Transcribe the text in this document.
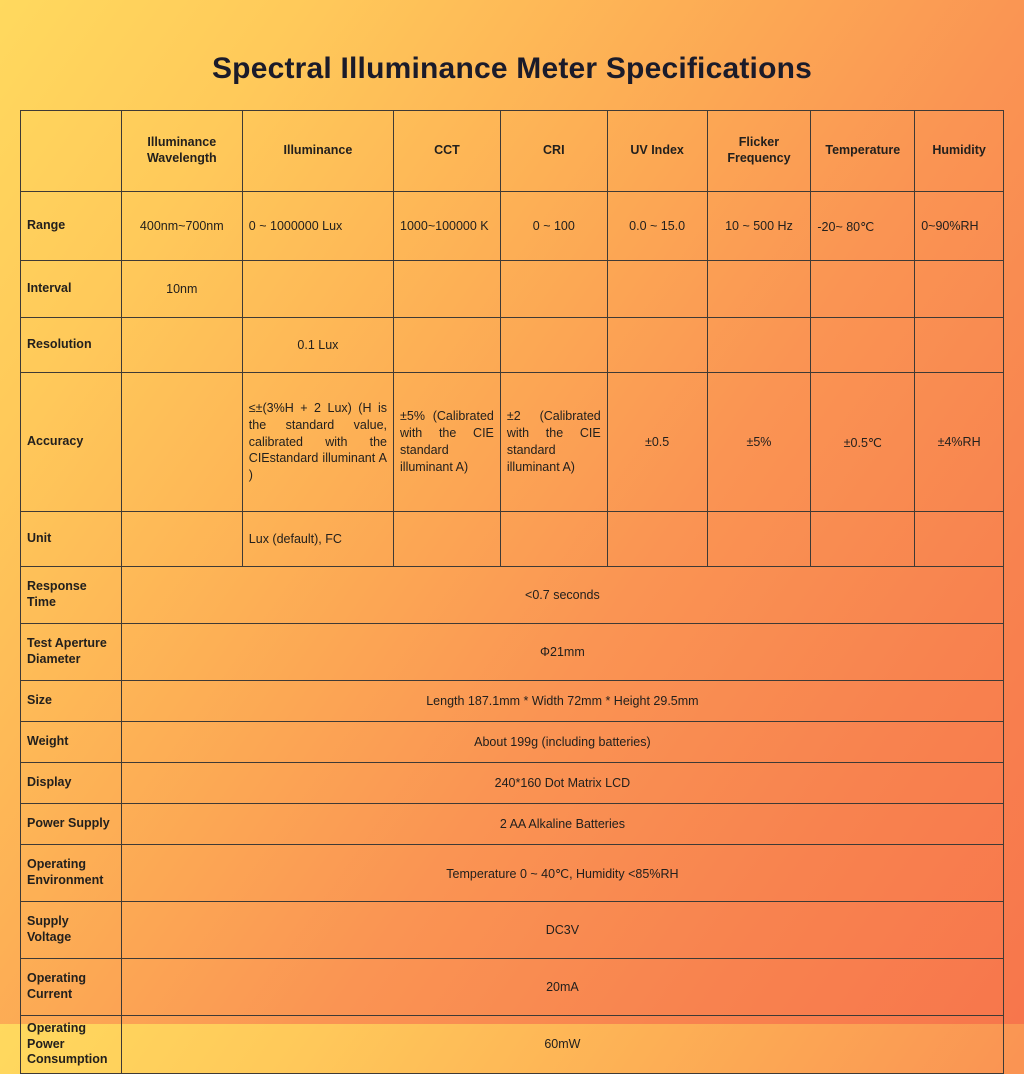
Spectral Illuminance Meter Specifications
	Illuminance Wavelength	Illuminance	CCT	CRI	UV Index	Flicker Frequency	Temperature	Humidity
Range	400nm~700nm	0 ~ 1000000 Lux	1000~100000 K	0 ~ 100	0.0 ~ 15.0	10 ~ 500 Hz	-20~ 80℃	0~90%RH
Interval	10nm							
Resolution		0.1 Lux						
Accuracy		≤±(3%H + 2 Lux) (H is the standard value, calibrated with the CIEstandard illuminant A )	±5% (Calibrated with the CIE standard illuminant A)	±2 (Calibrated with the CIE standard illuminant A)	±0.5	±5%	±0.5℃	±4%RH
Unit		Lux (default), FC						
Response Time	<0.7 seconds							
Test Aperture Diameter	Φ21mm							
Size	Length 187.1mm * Width 72mm * Height 29.5mm							
Weight	About 199g (including batteries)							
Display	240*160 Dot Matrix LCD							
Power Supply	2 AA Alkaline Batteries							
Operating Environment	Temperature 0 ~ 40℃, Humidity <85%RH							
Supply Voltage	DC3V							
Operating Current	20mA							
Operating Power Consumption	60mW							
